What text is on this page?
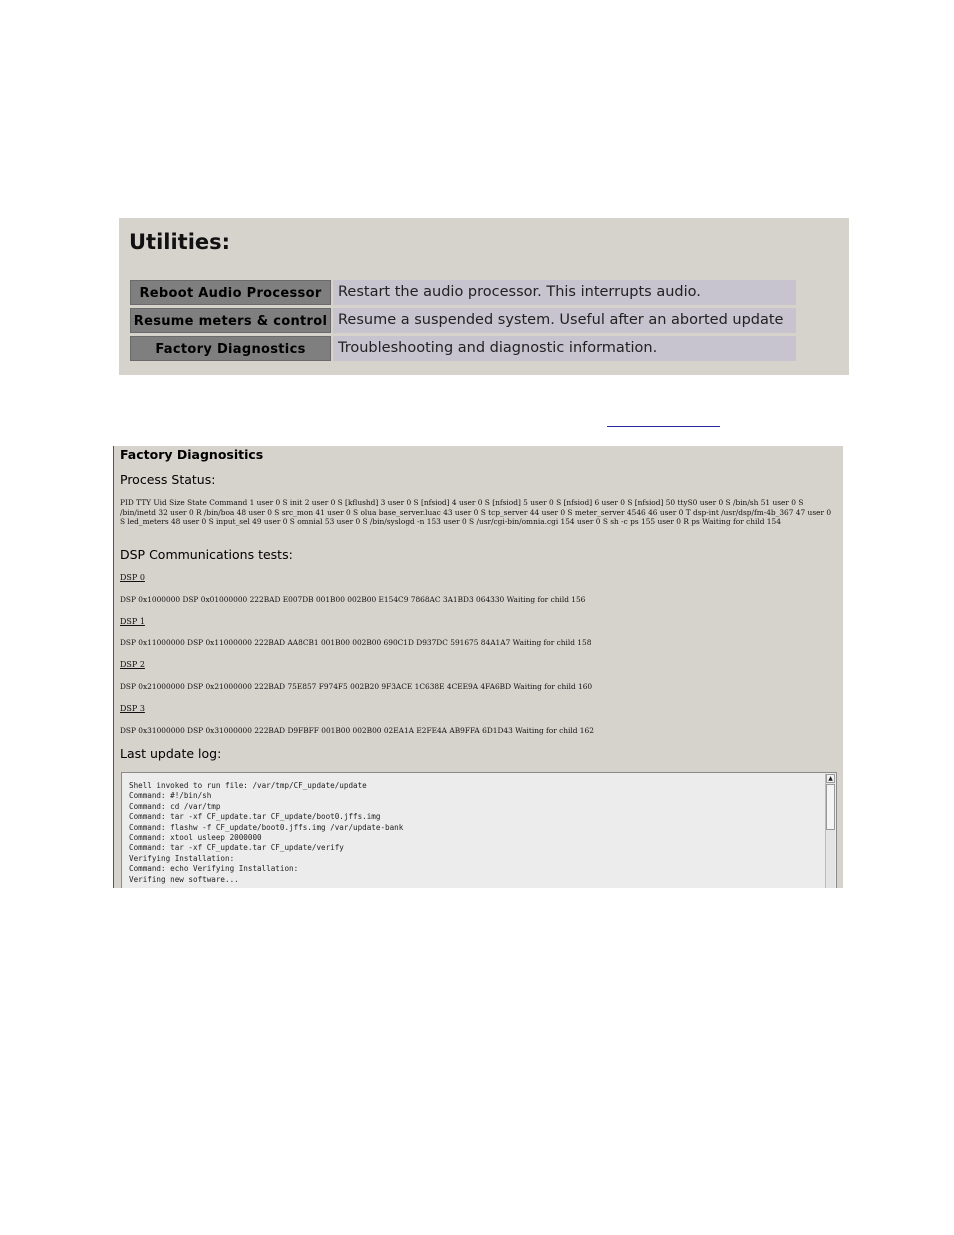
Utilities:
Reboot Audio Processor	Restart the audio processor. This interrupts audio.
Resume meters & control Resume a suspended system. Useful after an aborted update
Factory Diagnostics	Troubleshooting and diagnostic information.
Factory Diagnositics
Process Status:
PID TTY Uid Size State Command 1 user 0 S init 2 user 0 S [kflushd] 3 user 0 S [nfsiod] 4 user 0 S [nfsiod] 5 user 0 S [nfsiod] 6 user 0 S [nfsiod] 50 ttyS0 user 0 S /bin/sh 51 user 0 S /bin/inetd 32 user 0 R /bin/boa 48 user 0 S src_mon 41 user 0 S olua base_server.luac 43 user 0 S tcp_server 44 user 0 S meter_server 4546 46 user 0 T dsp-int /usr/dsp/fm-4b_367 47 user 0 S led_meters 48 user 0 S input_sel 49 user 0 S omnial 53 user 0 S /bin/syslogd -n 153 user 0 S /usr/cgi-bin/omnia.cgi 154 user 0 S sh -c ps 155 user 0 R ps Waiting for child 154
DSP Communications tests:
DSP 0
DSP 0x1000000 DSP 0x01000000 222BAD E007DB 001B00 002B00 E154C9 7868AC 3A1BD3 064330 Waiting for child 156
DSP 1
DSP 0x11000000 DSP 0x11000000 222BAD AA8CB1 001B00 002B00 690C1D D937DC 591675 84A1A7 Waiting for child 158
DSP 2
DSP 0x21000000 DSP 0x21000000 222BAD 75E857 F974F5 002B20 9F3ACE 1C638E 4CEE9A 4FA6BD Waiting for child 160
DSP 3
DSP 0x31000000 DSP 0x31000000 222BAD D9FBFF 001B00 002B00 02EA1A E2FE4A AB9FFA 6D1D43 Waiting for child 162
Last update log:
Shell invoked to run file: /var/tmp/CF_update/update
Command: #!/bin/sh
Command: cd /var/tmp
Command: tar -xf CF_update.tar CF_update/boot0.jffs.img
Command: flashw -f CF_update/boot0.jffs.img /var/update-bank
Command: xtool usleep 2000000
Command: tar -xf CF_update.tar CF_update/verify
Verifying Installation:
Command: echo Verifying Installation:
Verifing new software...
▲
